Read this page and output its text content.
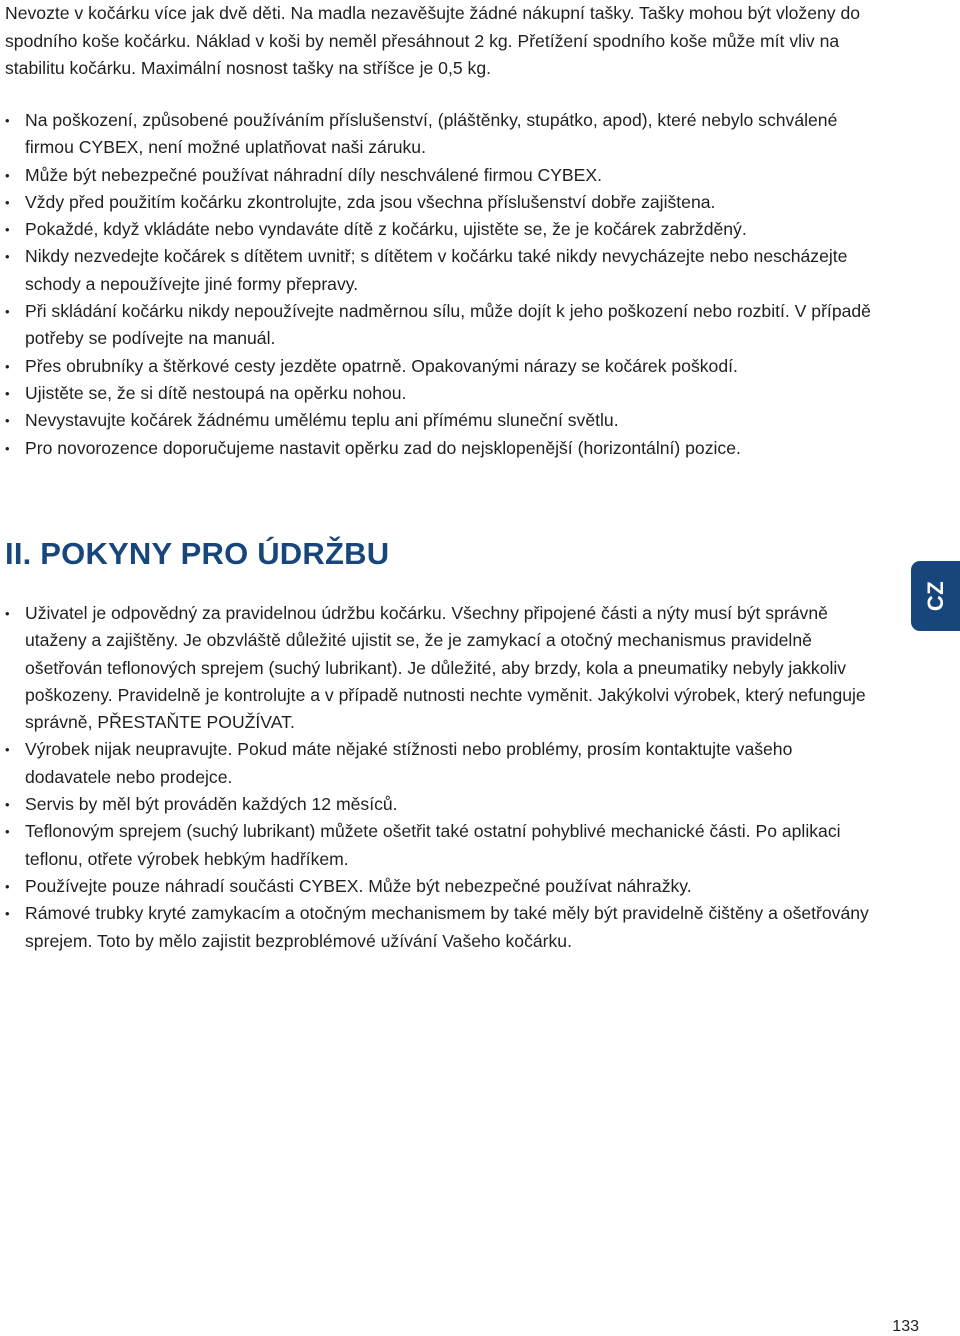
Nevozte v kočárku více jak dvě děti. Na madla nezavěšujte žádné nákupní tašky. Tašky mohou být vloženy do spodního koše kočárku. Náklad v koši by neměl přesáhnout 2 kg. Přetížení spodního koše může mít vliv na stabilitu kočárku. Maximální nosnost tašky na stříšce je 0,5 kg.

• Na poškození, způsobené používáním příslušenství, (pláštěnky, stupátko, apod), které nebylo schválené firmou CYBEX, není možné uplatňovat naši záruku.
• Může být nebezpečné používat náhradní díly neschválené firmou CYBEX.
• Vždy před použitím kočárku zkontrolujte, zda jsou všechna příslušenství dobře zajištena.
• Pokaždé, když vkládáte nebo vyndaváte dítě z kočárku, ujistěte se, že je kočárek zabržděný.
• Nikdy nezvedejte kočárek s dítětem uvnitř; s dítětem v kočárku také nikdy nevycházejte nebo nescházejte schody a nepoužívejte jiné formy přepravy.
• Při skládání kočárku nikdy nepoužívejte nadměrnou sílu, může dojít k jeho poškození nebo rozbití. V případě potřeby se podívejte na manuál.
• Přes obrubníky a štěrkové cesty jezděte opatrně. Opakovanými nárazy se kočárek poškodí.
• Ujistěte se, že si dítě nestoupá na opěrku nohou.
• Nevystavujte kočárek žádnému umělému teplu ani přímému sluneční světlu.
• Pro novorozence doporučujeme nastavit opěrku zad do nejsklopenější (horizontální) pozice.
II. POKYNY PRO ÚDRŽBU
CZ
• Uživatel je odpovědný za pravidelnou údržbu kočárku. Všechny připojené části a nýty musí být správně utaženy a zajištěny. Je obzvláště důležité ujistit se, že je zamykací a otočný mechanismus pravidelně ošetřován teflonových sprejem (suchý lubrikant). Je důležité, aby brzdy, kola a pneumatiky nebyly jakkoliv poškozeny. Pravidelně je kontrolujte a v případě nutnosti nechte vyměnit. Jakýkolvi výrobek, který nefunguje správně, PŘESTAŇTE POUŽÍVAT.
• Výrobek nijak neupravujte. Pokud máte nějaké stížnosti nebo problémy, prosím kontaktujte vašeho dodavatele nebo prodejce.
• Servis by měl být prováděn každých 12 měsíců.
• Teflonovým sprejem (suchý lubrikant) můžete ošetřit také ostatní pohyblivé mechanické části. Po aplikaci teflonu, otřete výrobek hebkým hadříkem.
• Používejte pouze náhradí součásti CYBEX. Může být nebezpečné používat náhražky.
• Rámové trubky kryté zamykacím a otočným mechanismem by také měly být pravidelně čištěny a ošetřovány sprejem. Toto by mělo zajistit bezproblémové užívání Vašeho kočárku.
133
